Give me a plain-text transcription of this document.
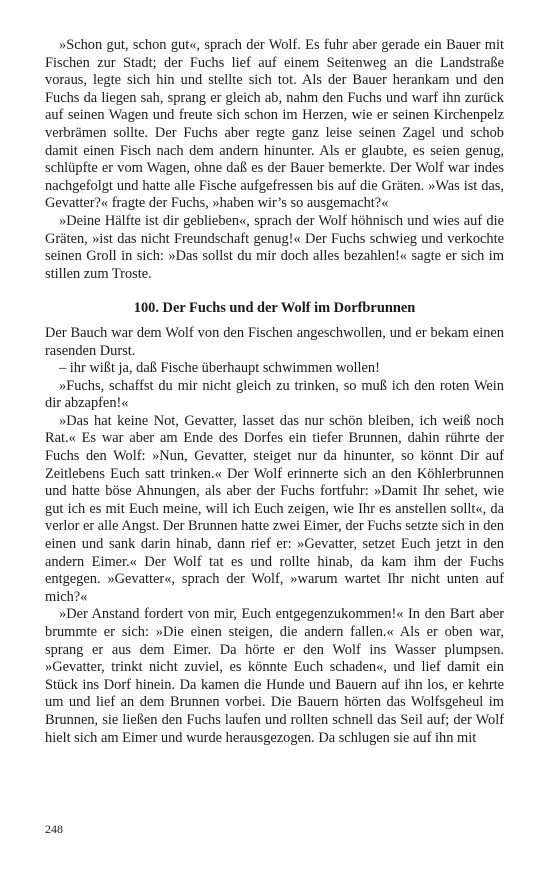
»Schon gut, schon gut«, sprach der Wolf. Es fuhr aber gerade ein Bauer mit Fischen zur Stadt; der Fuchs lief auf einem Seitenweg an die Landstraße voraus, legte sich hin und stellte sich tot. Als der Bauer herankam und den Fuchs da liegen sah, sprang er gleich ab, nahm den Fuchs und warf ihn zurück auf seinen Wagen und freute sich schon im Herzen, wie er seinen Kirchenpelz verbrämen sollte. Der Fuchs aber regte ganz leise seinen Zagel und schob damit einen Fisch nach dem andern hinunter. Als er glaubte, es seien genug, schlüpfte er vom Wagen, ohne daß es der Bauer bemerkte. Der Wolf war indes nachgefolgt und hatte alle Fische aufgefressen bis auf die Gräten. »Was ist das, Gevatter?« fragte der Fuchs, »haben wir’s so ausgemacht?«

»Deine Hälfte ist dir geblieben«, sprach der Wolf höhnisch und wies auf die Gräten, »ist das nicht Freundschaft genug!« Der Fuchs schwieg und verkochte seinen Groll in sich: »Das sollst du mir doch alles bezahlen!« sagte er sich im stillen zum Troste.

100. Der Fuchs und der Wolf im Dorfbrunnen

Der Bauch war dem Wolf von den Fischen angeschwollen, und er bekam einen rasenden Durst.

– ihr wißt ja, daß Fische überhaupt schwimmen wollen!

»Fuchs, schaffst du mir nicht gleich zu trinken, so muß ich den roten Wein dir abzapfen!«

»Das hat keine Not, Gevatter, lasset das nur schön bleiben, ich weiß noch Rat.« Es war aber am Ende des Dorfes ein tiefer Brunnen, dahin rührte der Fuchs den Wolf: »Nun, Gevatter, steiget nur da hinunter, so könnt Dir auf Zeitlebens Euch satt trinken.« Der Wolf erinnerte sich an den Köhlerbrunnen und hatte böse Ahnungen, als aber der Fuchs fortfuhr: »Damit Ihr sehet, wie gut ich es mit Euch meine, will ich Euch zeigen, wie Ihr es anstellen sollt«, da verlor er alle Angst. Der Brunnen hatte zwei Eimer, der Fuchs setzte sich in den einen und sank darin hinab, dann rief er: »Gevatter, setzet Euch jetzt in den andern Eimer.« Der Wolf tat es und rollte hinab, da kam ihm der Fuchs entgegen. »Gevatter«, sprach der Wolf, »warum wartet Ihr nicht unten auf mich?«

»Der Anstand fordert von mir, Euch entgegenzukommen!« In den Bart aber brummte er sich: »Die einen steigen, die andern fallen.« Als er oben war, sprang er aus dem Eimer. Da hörte er den Wolf ins Wasser plumpsen. »Gevatter, trinkt nicht zuviel, es könnte Euch schaden«, und lief damit ein Stück ins Dorf hinein. Da kamen die Hunde und Bauern auf ihn los, er kehrte um und lief an dem Brunnen vorbei. Die Bauern hörten das Wolfsgeheul im Brunnen, sie ließen den Fuchs laufen und rollten schnell das Seil auf; der Wolf hielt sich am Eimer und wurde herausgezogen. Da schlugen sie auf ihn mit

248
